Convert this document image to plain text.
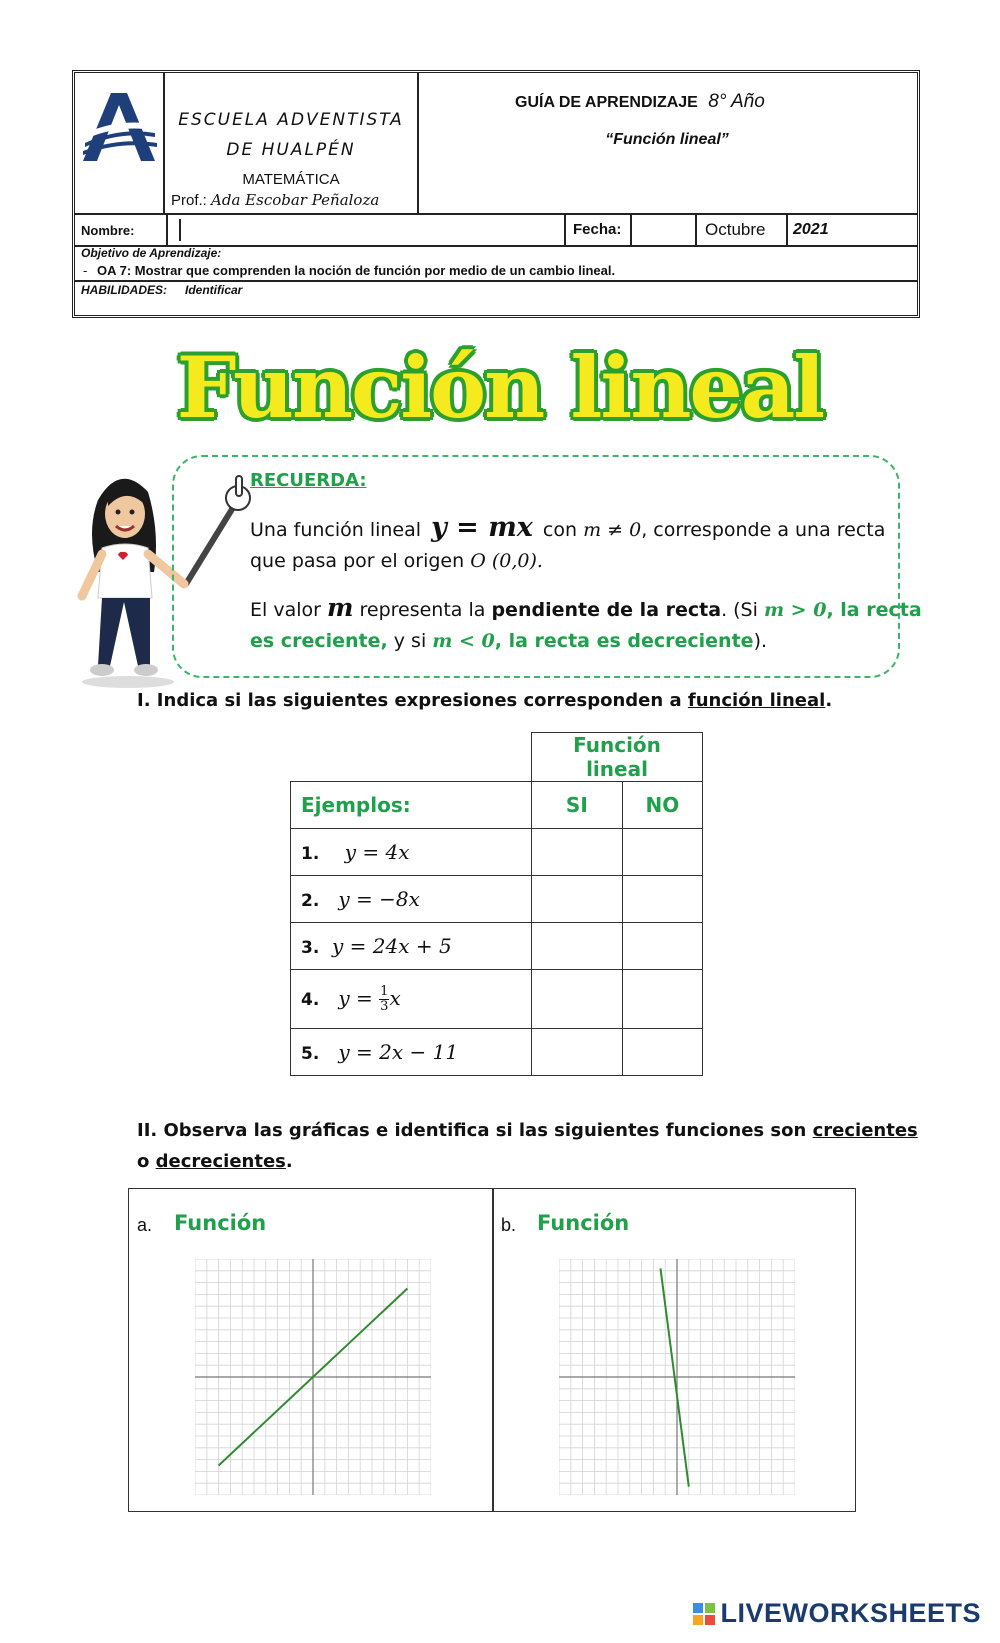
ESCUELA ADVENTISTA DE HUALPÉN
MATEMÁTICA
Prof.: Ada Escobar Peñaloza
GUÍA DE APRENDIZAJE 8° Año
“Función lineal”
Nombre:	Fecha:	Octubre 2021
Objetivo de Aprendizaje:
- OA 7: Mostrar que comprenden la noción de función por medio de un cambio lineal.
HABILIDADES: Identificar
Función lineal
RECUERDA:
Una función lineal y = mx con m ≠ 0, corresponde a una recta
que pasa por el origen O (0,0).
El valor m representa la pendiente de la recta. (Si m > 0, la recta
es creciente, y si m < 0, la recta es decreciente).
I. Indica si las siguientes expresiones corresponden a función lineal.
	Función lineal	
Ejemplos:	SI	NO
1. y = 4x		
2. y = −8x		
3. y = 24x + 5		
4. $y = \frac{1}{3}$ x		
5. y = 2x − 11		
II. Observa las gráficas e identifica si las siguientes funciones son crecientes
o decrecientes.
a. Función	b. Función
LIVEWORKSHEETS
